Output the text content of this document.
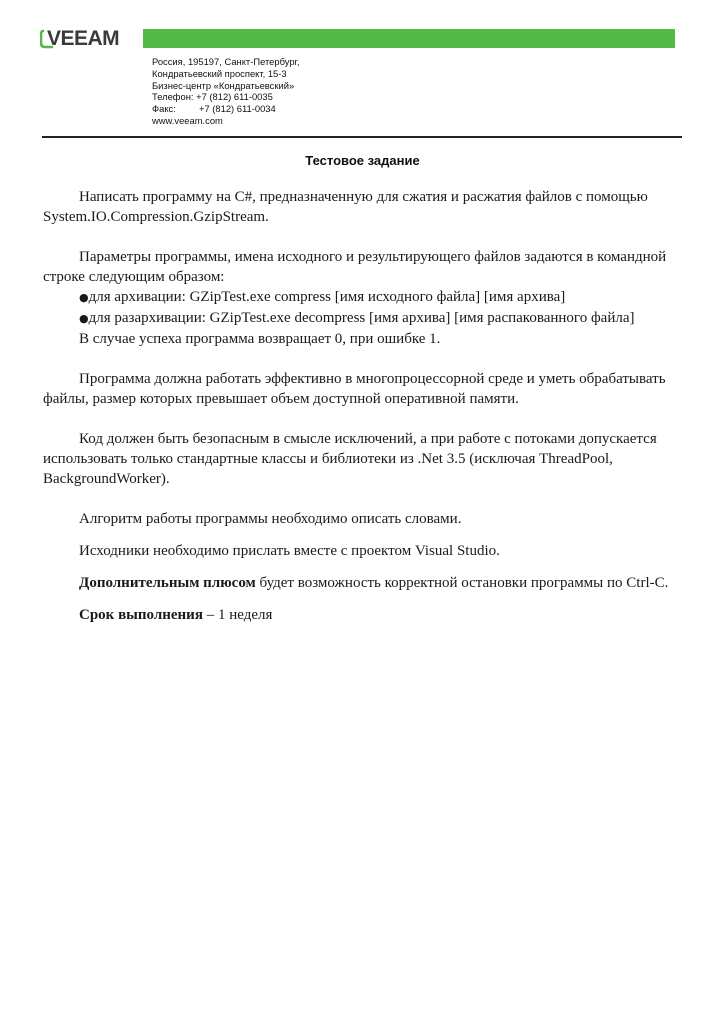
VEEAM
Россия, 195197, Санкт-Петербург,
Кондратьевский проспект, 15-3
Бизнес-центр «Кондратьевский»
Телефон: +7 (812) 611-0035
Факс: +7 (812) 611-0034
www.veeam.com
Тестовое задание

Написать программу на C#, предназначенную для сжатия и расжатия файлов с помощью
System.IO.Compression.GzipStream.

Параметры программы, имена исходного и результирующего файлов задаются в командной
строке следующим образом:

●для архивации: GZipTest.exe compress [имя исходного файла] [имя архива]
●для разархивации: GZipTest.exe decompress [имя архива] [имя распакованного файла]
В случае успеха программа возвращает 0, при ошибке 1.

Программа должна работать эффективно в многопроцессорной среде и уметь обрабатывать
файлы, размер которых превышает объем доступной оперативной памяти.

Код должен быть безопасным в смысле исключений, а при работе с потоками допускается
использовать только стандартные классы и библиотеки из .Net 3.5 (исключая ThreadPool,
BackgroundWorker).

Алгоритм работы программы необходимо описать словами.

Исходники необходимо прислать вместе с проектом Visual Studio.

Дополнительным плюсом будет возможность корректной остановки программы по Ctrl-C.

Срок выполнения – 1 неделя
